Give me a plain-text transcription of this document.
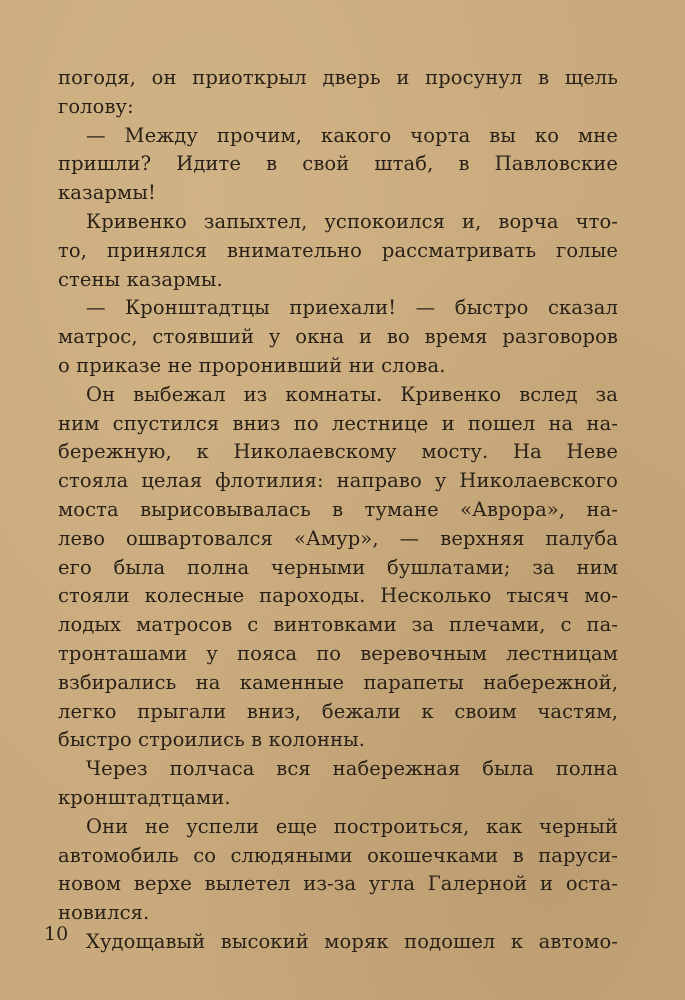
погодя, он приоткрыл дверь и просунул в щель
голову:
— Между прочим, какого чорта вы ко мне
пришли? Идите в свой штаб, в Павловские
казармы!
Кривенко запыхтел, успокоился и, ворча что-
то, принялся внимательно рассматривать голые
стены казармы.
— Кронштадтцы приехали! — быстро сказал
матрос, стоявший у окна и во время разговоров
о приказе не проронивший ни слова.
Он выбежал из комнаты. Кривенко вслед за
ним спустился вниз по лестнице и пошел на на-
бережную, к Николаевскому мосту. На Неве
стояла целая флотилия: направо у Николаевского
моста вырисовывалась в тумане «Аврора», на-
лево ошвартовался «Амур», — верхняя палуба
его была полна черными бушлатами; за ним
стояли колесные пароходы. Несколько тысяч мо-
лодых матросов с винтовками за плечами, с па-
тронташами у пояса по веревочным лестницам
взбирались на каменные парапеты набережной,
легко прыгали вниз, бежали к своим частям,
быстро строились в колонны.
Через полчаса вся набережная была полна
кронштадтцами.
Они не успели еще построиться, как черный
автомобиль со слюдяными окошечками в паруси-
новом верхе вылетел из-за угла Галерной и оста-
новился.
Худощавый высокий моряк подошел к автомо-
10
